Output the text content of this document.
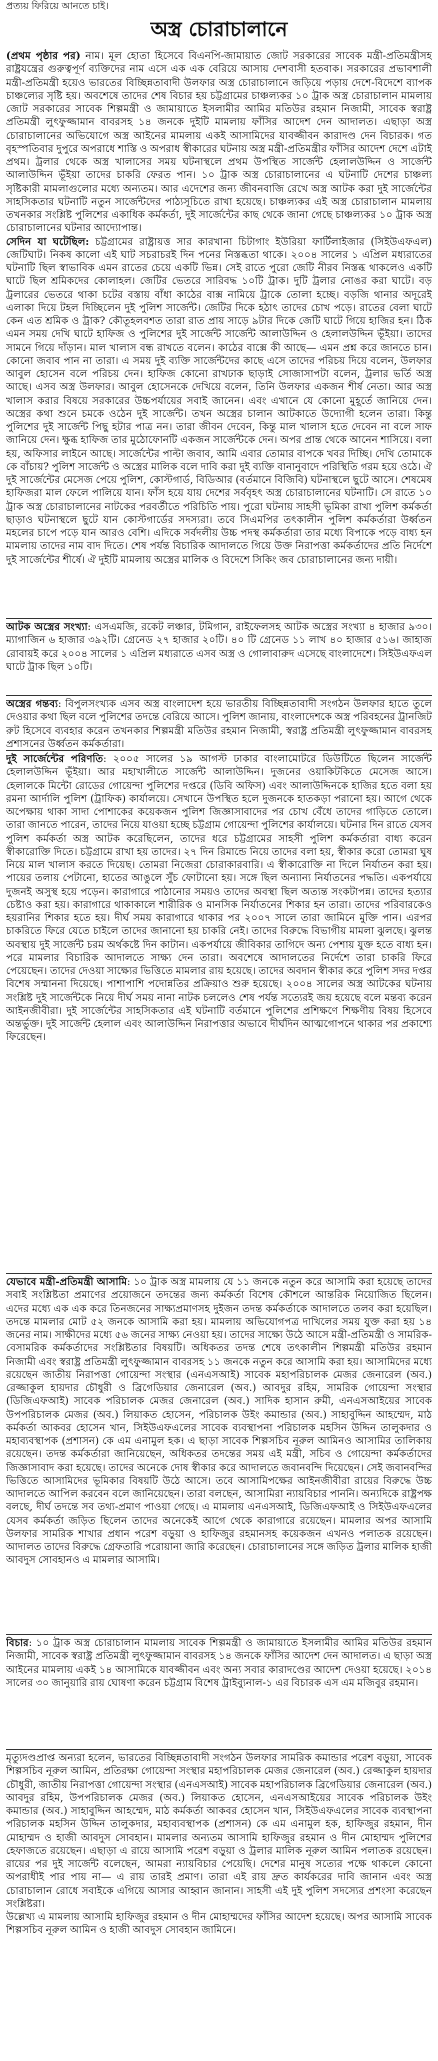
প্রত্যয় ফিরিয়ে আনতে চাই।
অস্ত্র চোরাচালানে

(প্রথম পৃষ্ঠার পর) নাম। মূল হোতা হিসেবে বিএনপি-জামায়াত জোট সরকারের সাবেক মন্ত্রী-প্রতিমন্ত্রীসহ রাষ্ট্রযন্ত্রের গুরুত্বপূর্ণ ব্যক্তিদের নাম এসে এক এক বেরিয়ে আসায় দেশবাসী হতবাক। সরকারের প্রভাবশালী মন্ত্রী-প্রতিমন্ত্রী হয়েও ভারতের বিচ্ছিন্নতাবাদী উলফার অস্ত্র চোরাচালানে জড়িয়ে পড়ায় দেশে-বিদেশে ব্যাপক চাঞ্চল্যের সৃষ্টি হয়। অবশেষে তাদের শেষ বিচার হয় চট্টগ্রামের চাঞ্চল্যকর ১০ ট্রাক অস্ত্র চোরাচালান মামলায় জোট সরকারের সাবেক শিল্পমন্ত্রী ও জামায়াতে ইসলামীর আমির মতিউর রহমান নিজামী, সাবেক স্বরাষ্ট্র প্রতিমন্ত্রী লুৎফুজ্জামান বাবরসহ ১৪ জনকে দুইটি মামলায় ফাঁসির আদেশ দেন আদালত। এছাড়া অস্ত্র চোরাচালানের অভিযোগে অস্ত্র আইনের মামলায় একই আসামিদের যাবজ্জীবন কারাদণ্ড দেন বিচারক। গত বৃহস্পতিবার দুপুরে অপরাধে শাস্তি ও অপরাধ স্বীকারের ঘটনায় অস্ত্র মন্ত্রী-প্রতিমন্ত্রীর ফাঁসির আদেশ দেশে এটাই প্রথম। ট্রলার থেকে অস্ত্র খালাসের সময় ঘটনাস্থলে প্রথম উপস্থিত সার্জেন্ট হেলালউদ্দিন ও সার্জেন্ট আলাউদ্দিন ভূঁইয়া তাদের চাকরি ফেরত পান। ১০ ট্রাক অস্ত্র চোরাচালানের এ ঘটনাটি দেশের চাঞ্চল্য সৃষ্টিকারী মামলাগুলোর মধ্যে অন্যতম। আর এদেশের জন্য জীবনবাজি রেখে অস্ত্র আটক করা দুই সার্জেন্টের সাহসিকতার ঘটনাটি নতুন সার্জেন্টদের পাঠ্যসূচিতে রাখা হয়েছে। চাঞ্চল্যকর এই অস্ত্র চোরাচালান মামলায় তখনকার সংশ্লিষ্ট পুলিশের একাধিক কর্মকর্তা, দুই সার্জেন্টের কাছ থেকে জানা গেছে চাঞ্চল্যকর ১০ ট্রাক অস্ত্র চোরাচালানের ঘটনার আদ্যোপান্ত।

সেদিন যা ঘটেছিল: চট্টগ্রামের রাষ্ট্রায়ত্ত সার কারখানা চিটাগাং ইউরিয়া ফার্টিলাইজার (সিইউএফএল) জেটিঘাট। নিকষ কালো এই ঘাট সচরাচরই দিন পনের নিস্তব্ধতা থাকে। ২০০৪ সালের ১ এপ্রিল মধ্যরাতের ঘটনাটি ছিল স্বাভাবিক এমন রাতের চেয়ে একটি ভিন্ন। সেই রাতে পুরো জেটি নীরব নিস্তব্ধ থাকলেও একটি ঘাটে ছিল শ্রমিকদের কোলাহল। জেটির ভেতরে সারিবদ্ধ ১০টি ট্রাক। দুটি ট্রলার নোঙর করা ঘাটে। বড় ট্রলারের ভেতরে থাকা চটের বস্তায় বাঁধা কাঠের বাক্স নামিয়ে ট্রাকে তোলা হচ্ছে। বড়জি থানার অদূরেই এলাকা দিয়ে টহল দিচ্ছিলেন দুই পুলিশ সার্জেন্ট। জেটির দিকে হঠাৎ তাদের চোখ পড়ে। রাতের বেলা ঘাটে কেন এত শ্রমিক ও ট্রাক? কৌতূহলবশত তারা রাত প্রায় সাড়ে ৯টার দিকে জেটি ঘাটে গিয়ে হাজির হন। ঠিক এমন সময় দেখি ঘাটে হাফিজ ও পুলিশের দুই সার্জেন্ট সার্জেন্ট আলাউদ্দিন ও হেলালউদ্দিন ভূঁইয়া। তাদের সামনে গিয়ে দাঁড়ান। মাল খালাস বন্ধ রাখতে বলেন। কাঠের বাক্সে কী আছে— এমন প্রশ্ন করে জানতে চান। কোনো জবাব পান না তারা। এ সময় দুই ব্যক্তি সার্জেন্টদের কাছে এসে তাদের পরিচয় দিয়ে বলেন, উলফার আবুল হোসেন বলে পরিচয় দেন। হাফিজ কোনো রাখঢাক ছাড়াই সোজাসাপটা বলেন, ট্রলার ভর্তি অস্ত্র আছে। এসব অস্ত্র উলফার। আবুল হোসেনকে দেখিয়ে বলেন, তিনি উলফার একজন শীর্ষ নেতা। আর অস্ত্র খালাস করার বিষয়ে সরকারের উচ্চপর্যায়ের সবাই জানেন। এবং এখানে যে কোনো মুহূর্তে জানিয়ে দেন। অস্ত্রের কথা শুনে চমকে ওঠেন দুই সার্জেন্ট। তখন অস্ত্রের চালান আটকাতে উদ্যোগী হলেন তারা। কিন্তু পুলিশের দুই সার্জেন্ট পিছু হটার পাত্র নন। তারা জীবন দেবেন, কিন্তু মাল খালাস হতে দেবেন না বলে সাফ জানিয়ে দেন। ক্ষুব্ধ হাফিজ তার মুঠোফোনটি একজন সার্জেন্টকে দেন। অপর প্রান্ত থেকে আনেন শাসিয়ে। বলা হয়, অফিসার লাইনে আছে। সার্জেন্টের পাল্টা জবাব, আমি এবার তোমার বাপকে খবর দিচ্ছি। দেখি তোমাকে কে বাঁচায়? পুলিশ সার্জেন্ট ও অস্ত্রের মালিক বলে দাবি করা দুই ব্যক্তি বানানুবাদে পরিস্থিতি গরম হয়ে ওঠে। ঐ দুই সার্জেন্টের মেসেজ পেয়ে পুলিশ, কোস্টগার্ড, বিডিআর (বর্তমানে বিজিবি) ঘটনাস্থলে ছুটে আসে। শেষমেষ হাফিজরা মাল ফেলে পালিয়ে যান। ফাঁস হয়ে যায় দেশের সর্ববৃহৎ অস্ত্র চোরাচালানের ঘটনাটি। সে রাতে ১০ ট্রাক অস্ত্র চোরাচালানের নাটকের পরবর্তীতে পরিচিতি পায়। পুরো ঘটনায় সাহসী ভূমিকা রাখা পুলিশ কর্মকর্তা ছাড়াও ঘটনাস্থলে ছুটে যান কোস্টগার্ডের সদস্যরা। তবে সিএমপির তৎকালীন পুলিশ কর্মকর্তারা উর্ধ্বতন মহলের চাপে পড়ে যান আরও বেশি। এদিকে সর্বদলীয় উচ্চ পদস্থ কর্মকর্তারা তার মধ্যে বিপাকে পড়ে বাধ্য হন মামলায় তাদের নাম বাদ দিতে। শেষ পর্যন্ত বিচারিক আদালতে গিয়ে উক্ত নিরাপত্তা কর্মকর্তাদের প্রতি নির্দেশে দুই সার্জেন্টের শীর্ষে। ঐ দুইটি মামলায় অস্ত্রের মালিক ও বিদেশে সিকিং জব চোরাচালানের জন্য দায়ী।

আটক অস্ত্রের সংখ্যা: এসএমজি, রকেট লঞ্চার, টমিগান, রাইফেলসহ আটক অস্ত্রের সংখ্যা ৪ হাজার ৯৩০। ম্যাগাজিন ৬ হাজার ৩৯২টি। গ্রেনেড ২৭ হাজার ২০টি। ৪০ টি গ্রেনেড ১১ লাখ ৪০ হাজার ৫১৬। জাহাজ রোবায়ই করে ২০০৪ সালের ১ এপ্রিল মধ্যরাতে এসব অস্ত্র ও গোলাবারুদ এসেছে বাংলাদেশে। সিইউএফএল ঘাটে ট্রাক ছিল ১০টি।

অস্ত্রের গন্তব্য: বিপুলসংখ্যক এসব অস্ত্র বাংলাদেশ হয়ে ভারতীয় বিচ্ছিন্নতাবাদী সংগঠন উলফার হাতে তুলে দেওয়ার কথা ছিল বলে পুলিশের তদন্তে বেরিয়ে আসে। পুলিশ জানায়, বাংলাদেশকে অস্ত্র পরিবহনের ট্রানজিট রুট হিসেবে ব্যবহার করেন তখনকার শিল্পমন্ত্রী মতিউর রহমান নিজামী, স্বরাষ্ট্র প্রতিমন্ত্রী লুৎফুজ্জামান বাবরসহ প্রশাসনের উর্ধ্বতন কর্মকর্তারা।

দুই সার্জেন্টের পরিণতি: ২০০৫ সালের ১৯ আগস্ট ঢাকার বাংলামোটরে ডিউটিতে ছিলেন সার্জেন্ট হেলালউদ্দিন ভূঁইয়া। আর মহাখালীতে সার্জেন্ট আলাউদ্দিন। দুজনের ওয়াকিটকিতে মেসেজ আসে। হেলালকে মিন্টো রোডের গোয়েন্দা পুলিশের দপ্তরে (ডিবি অফিস) এবং আলাউদ্দিনকে হাজির হতে বলা হয় রমনা আর্দালি পুলিশ (ট্রাফিক) কার্যালয়ে। সেখানে উপস্থিত হলে দুজনকে হাতকড়া পরানো হয়। আগে থেকে অপেক্ষায় থাকা সাদা পোশাকের কয়েকজন পুলিশ জিজ্ঞাসাবাদের পর চোখ বেঁধে তাদের গাড়িতে তোলে। তারা জানতে পারেন, তাদের নিয়ে যাওয়া হচ্ছে চট্টগ্রাম গোয়েন্দা পুলিশের কার্যালয়ে। ঘটনার দিন রাতে যেসব পুলিশ কর্মকর্তা অস্ত্র আটক করেছিলেন, তাদের ধরে চট্টগ্রামের সাহসী পুলিশ কর্মকর্তারা বাধ্য করেন স্বীকারোক্তি দিতে। চট্টগ্রামে রাখা হয় তাদের। ২৭ দিন রিমান্ডে নিয়ে তাদের বলা হয়, স্বীকার করো তোমরা ঘুষ নিয়ে মাল খালাস করতে দিয়েছ। তোমরা নিজেরা চোরাকারবারি। এ স্বীকারোক্তি না দিলে নির্যাতন করা হয়। পায়ের তলায় পেটানো, হাতের আঙুলে সুঁচ ফোটানো হয়। সঙ্গে ছিল অন্যান্য নির্যাতনের পদ্ধতি। একপর্যায়ে দুজনই অসুস্থ হয়ে পড়েন। কারাগারে পাঠানোর সময়ও তাদের অবস্থা ছিল অত্যন্ত সংকটাপন্ন। তাদের হত্যার চেষ্টাও করা হয়। কারাগারে থাকাকালে শারীরিক ও মানসিক নির্যাতনের শিকার হন তারা। তাদের পরিবারকেও হয়রানির শিকার হতে হয়। দীর্ঘ সময় কারাগারে থাকার পর ২০০৭ সালে তারা জামিনে মুক্তি পান। এরপর চাকরিতে ফিরে যেতে চাইলে তাদের জানানো হয় চাকরি নেই। তাদের বিরুদ্ধে বিভাগীয় মামলা ঝুলছে। ঝুলন্ত অবস্থায় দুই সার্জেন্ট চরম অর্থকষ্টে দিন কাটান। একপর্যায়ে জীবিকার তাগিদে অন্য পেশায় যুক্ত হতে বাধ্য হন। পরে মামলার বিচারিক আদালতে সাক্ষ্য দেন তারা। অবশেষে আদালতের নির্দেশে তারা চাকরি ফিরে পেয়েছেন। তাদের দেওয়া সাক্ষ্যের ভিত্তিতে মামলার রায় হয়েছে। তাদের অবদান স্বীকার করে পুলিশ সদর দপ্তর বিশেষ সম্মাননা দিয়েছে। পাশাপাশি পদোন্নতির প্রক্রিয়াও শুরু হয়েছে। ২০০৪ সালের অস্ত্র আটকের ঘটনায় সংশ্লিষ্ট দুই সার্জেন্টকে নিয়ে দীর্ঘ সময় নানা নাটক চললেও শেষ পর্যন্ত সত্যেরই জয় হয়েছে বলে মন্তব্য করেন আইনজীবীরা। দুই সার্জেন্টের সাহসিকতার এই ঘটনাটি বর্তমানে পুলিশের প্রশিক্ষণে শিক্ষণীয় বিষয় হিসেবে অন্তর্ভুক্ত। দুই সার্জেন্ট হেলাল এবং আলাউদ্দিন নিরাপত্তার অভাবে দীর্ঘদিন আত্মগোপনে থাকার পর প্রকাশ্যে ফিরেছেন।

যেভাবে মন্ত্রী-প্রতিমন্ত্রী আসামি: ১০ ট্রাক অস্ত্র মামলায় যে ১১ জনকে নতুন করে আসামি করা হয়েছে তাদের সবাই সংশ্লিষ্টতা প্রমাণের প্রয়োজনে তদন্তের জন্য কর্মকর্তা বিশেষ কৌশলে আন্তরিক নিয়োজিত ছিলেন। এদের মধ্যে এক এক করে তিনজনের সাক্ষ্যপ্রমাণসহ দুইজন তদন্ত কর্মকর্তাকে আদালতে তলব করা হয়েছিল। তদন্তে মামলার মোট ৫২ জনকে আসামি করা হয়। মামলায় অভিযোগপত্র দাখিলের সময় যুক্ত করা হয় ১৪ জনের নাম। সাক্ষীদের মধ্যে ৫৬ জনের সাক্ষ্য নেওয়া হয়। তাদের সাক্ষ্যে উঠে আসে মন্ত্রী-প্রতিমন্ত্রী ও সামরিক-বেসামরিক কর্মকর্তাদের সংশ্লিষ্টতার বিষয়টি। অধিকতর তদন্ত শেষে তৎকালীন শিল্পমন্ত্রী মতিউর রহমান নিজামী এবং স্বরাষ্ট্র প্রতিমন্ত্রী লুৎফুজ্জামান বাবরসহ ১১ জনকে নতুন করে আসামি করা হয়। আসামিদের মধ্যে রয়েছেন জাতীয় নিরাপত্তা গোয়েন্দা সংস্থার (এনএসআই) সাবেক মহাপরিচালক মেজর জেনারেল (অব.) রেজ্জাকুল হায়দার চৌধুরী ও ব্রিগেডিয়ার জেনারেল (অব.) আবদুর রহিম, সামরিক গোয়েন্দা সংস্থার (ডিজিএফআই) সাবেক পরিচালক মেজর জেনারেল (অব.) সাদিক হাসান রুমী, এনএসআইয়ের সাবেক উপপরিচালক মেজর (অব.) লিয়াকত হোসেন, পরিচালক উইং কমান্ডার (অব.) সাহাবুদ্দিন আহম্মেদ, মাঠ কর্মকর্তা আকবর হোসেন খান, সিইউএফএলের সাবেক ব্যবস্থাপনা পরিচালক মহসিন উদ্দিন তালুকদার ও মহাব্যবস্থাপক (প্রশাসন) কে এম এনামুল হক। এ ছাড়া সাবেক শিল্পসচিব নূরুল আমিনও আসামির তালিকায় রয়েছেন। তদন্ত কর্মকর্তারা জানিয়েছেন, অধিকতর তদন্তের সময় এই মন্ত্রী, সচিব ও গোয়েন্দা কর্মকর্তাদের জিজ্ঞাসাবাদ করা হয়েছে। তাদের অনেকে দোষ স্বীকার করে আদালতে জবানবন্দি দিয়েছেন। সেই জবানবন্দির ভিত্তিতে আসামিদের ভূমিকার বিষয়টি উঠে আসে। তবে আসামিপক্ষের আইনজীবীরা রায়ের বিরুদ্ধে উচ্চ আদালতে আপিল করবেন বলে জানিয়েছেন। তারা বলছেন, আসামিরা ন্যায়বিচার পাননি। অন্যদিকে রাষ্ট্রপক্ষ বলছে, দীর্ঘ তদন্তে সব তথ্য-প্রমাণ পাওয়া গেছে। এ মামলায় এনএসআই, ডিজিএফআই ও সিইউএফএলের যেসব কর্মকর্তা জড়িত ছিলেন তাদের অনেকেই আগে থেকে কারাগারে রয়েছেন। মামলার অপর আসামি উলফার সামরিক শাখার প্রধান পরেশ বড়ুয়া ও হাফিজুর রহমানসহ কয়েকজন এখনও পলাতক রয়েছেন। আদালত তাদের বিরুদ্ধে গ্রেফতারি পরোয়ানা জারি করেছেন। চোরাচালানের সঙ্গে জড়িত ট্রলার মালিক হাজী আবদুস সোবহানও এ মামলার আসামি।

বিচার: ১০ ট্রাক অস্ত্র চোরাচালান মামলায় সাবেক শিল্পমন্ত্রী ও জামায়াতে ইসলামীর আমির মতিউর রহমান নিজামী, সাবেক স্বরাষ্ট্র প্রতিমন্ত্রী লুৎফুজ্জামান বাবরসহ ১৪ জনকে ফাঁসির আদেশ দেন আদালত। এ ছাড়া অস্ত্র আইনের মামলায় একই ১৪ আসামিকে যাবজ্জীবন এবং অন্য সবার কারাদণ্ডের আদেশ দেওয়া হয়েছে। ২০১৪ সালের ৩০ জানুয়ারি রায় ঘোষণা করেন চট্টগ্রাম বিশেষ ট্রাইব্যুনাল-১ এর বিচারক এস এম মজিবুর রহমান।

মৃত্যুদণ্ডপ্রাপ্ত অন্যরা হলেন, ভারতের বিচ্ছিন্নতাবাদী সংগঠন উলফার সামরিক কমান্ডার পরেশ বড়ুয়া, সাবেক শিল্পসচিব নূরুল আমিন, প্রতিরক্ষা গোয়েন্দা সংস্থার মহাপরিচালক মেজর জেনারেল (অব.) রেজ্জাকুল হায়দার চৌধুরী, জাতীয় নিরাপত্তা গোয়েন্দা সংস্থার (এনএসআই) সাবেক মহাপরিচালক ব্রিগেডিয়ার জেনারেল (অব.) আবদুর রহিম, উপপরিচালক মেজর (অব.) লিয়াকত হোসেন, এনএসআইয়ের সাবেক পরিচালক উইং কমান্ডার (অব.) সাহাবুদ্দিন আহম্মেদ, মাঠ কর্মকর্তা আকবর হোসেন খান, সিইউএফএলের সাবেক ব্যবস্থাপনা পরিচালক মহসিন উদ্দিন তালুকদার, মহাব্যবস্থাপক (প্রশাসন) কে এম এনামুল হক, হাফিজুর রহমান, দীন মোহাম্মদ ও হাজী আবদুস সোবহান। মামলার অন্যতম আসামি হাফিজুর রহমান ও দীন মোহাম্মদ পুলিশের হেফাজতে রয়েছেন। এছাড়া এ রায়ে আসামি পরেশ বড়ুয়া ও ট্রলার মালিক নূরুল আমিন পলাতক রয়েছেন। রায়ের পর দুই সার্জেন্ট বলেছেন, আমরা ন্যায়বিচার পেয়েছি। দেশের মানুষ সত্যের পক্ষে থাকলে কোনো অপরাধীই পার পায় না— এ রায় তারই প্রমাণ। তারা এই রায় দ্রুত কার্যকরের দাবি জানান এবং অস্ত্র চোরাচালান রোধে সবাইকে এগিয়ে আসার আহ্বান জানান। সাহসী এই দুই পুলিশ সদস্যের প্রশংসা করেছেন সংশ্লিষ্টরা।

উল্লেখ্য এ মামলায় আসামি হাফিজুর রহমান ও দীন মোহাম্মদের ফাঁসির আদেশ হয়েছে। অপর আসামি সাবেক শিল্পসচিব নূরুল আমিন ও হাজী আবদুস সোবহান জামিনে।
